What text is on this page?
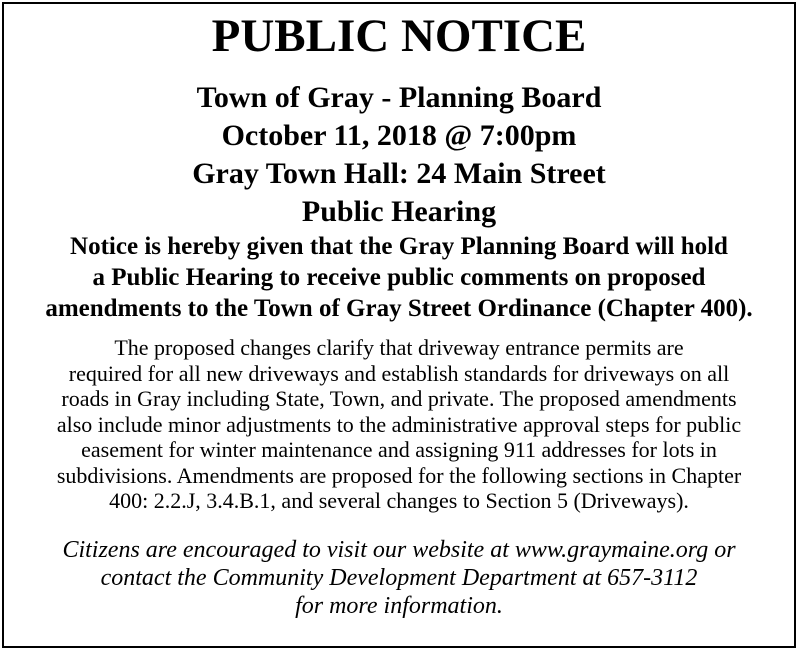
PUBLIC NOTICE

Town of Gray - Planning Board

October 11, 2018 @ 7:00pm

Gray Town Hall: 24 Main Street

Public Hearing

Notice is hereby given that the Gray Planning Board will hold
a Public Hearing to receive public comments on proposed
amendments to the Town of Gray Street Ordinance (Chapter 400).

The proposed changes clarify that driveway entrance permits are
required for all new driveways and establish standards for driveways on all
roads in Gray including State, Town, and private. The proposed amendments
also include minor adjustments to the administrative approval steps for public
easement for winter maintenance and assigning 911 addresses for lots in
subdivisions. Amendments are proposed for the following sections in Chapter
400: 2.2.J, 3.4.B.1, and several changes to Section 5 (Driveways).

Citizens are encouraged to visit our website at www.graymaine.org or
contact the Community Development Department at 657-3112
for more information.
